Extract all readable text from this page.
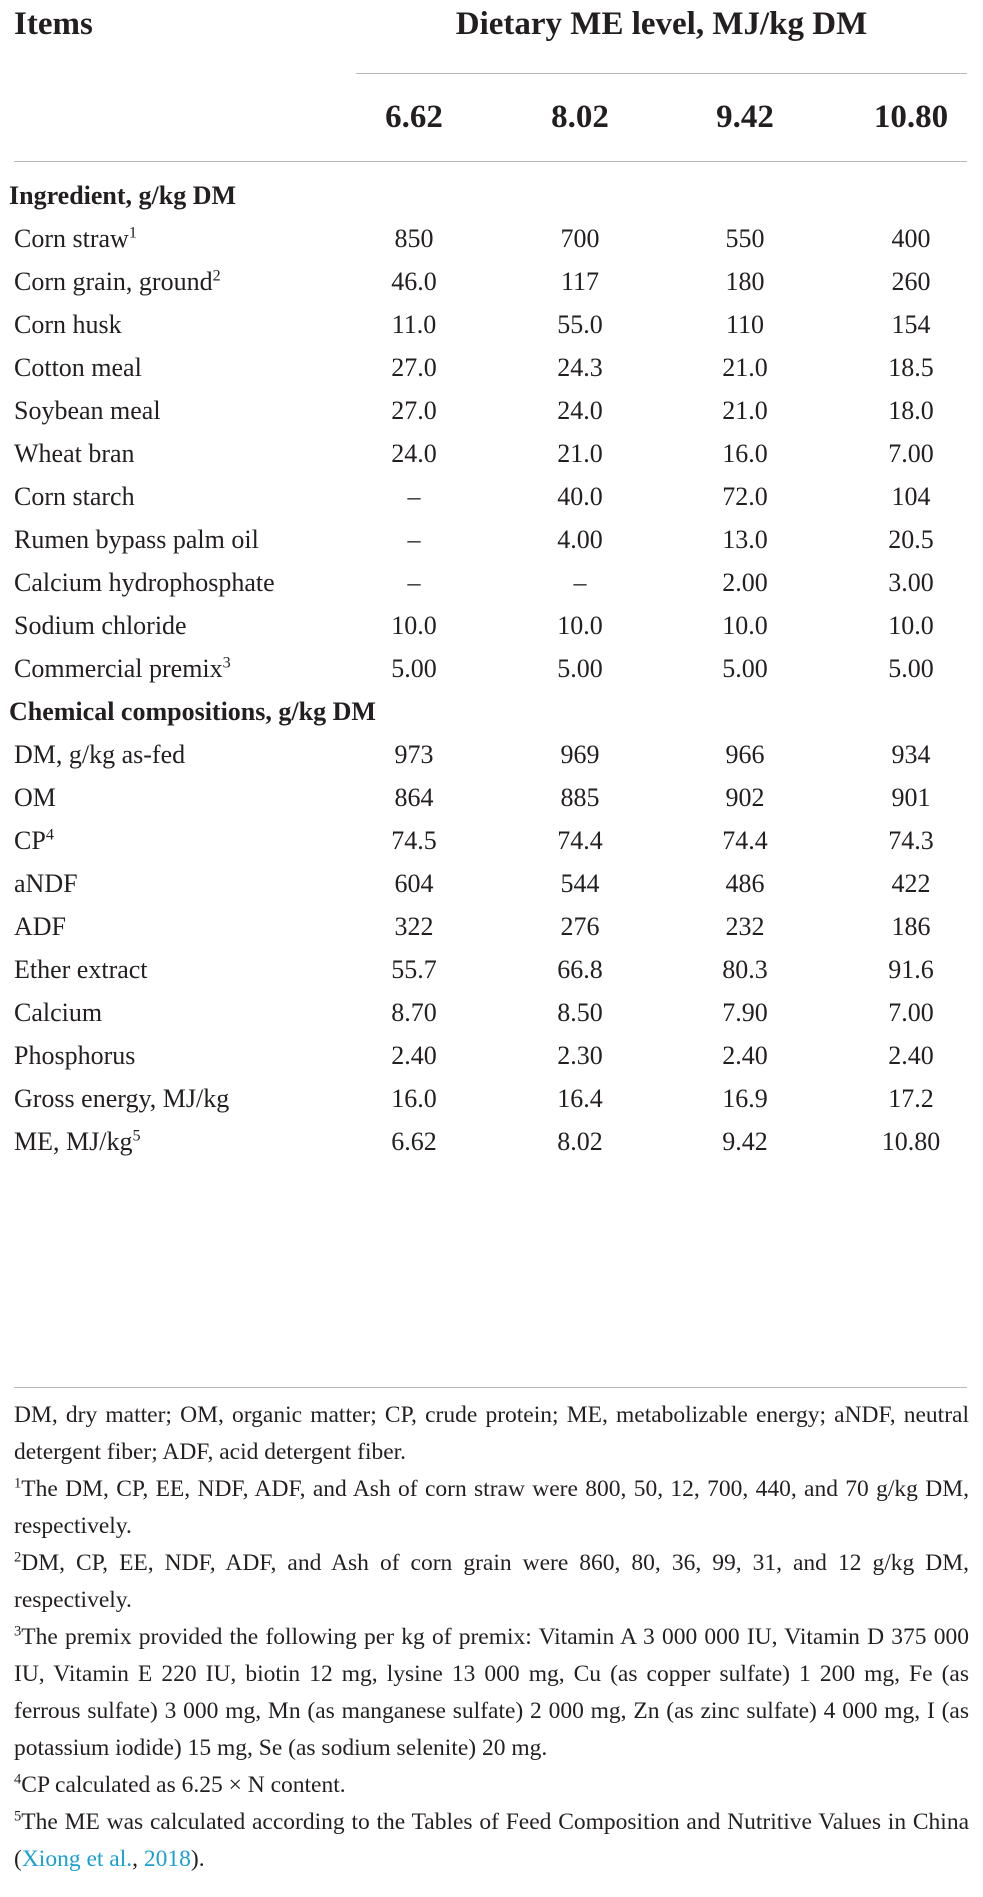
Items	Dietary ME level, MJ/kg DM
6.62	8.02	9.42	10.80
Ingredient, g/kg DM
Corn straw$^1$	850	700	550	400
Corn grain, ground$^2$	46.0	117	180	260
Corn husk	11.0	55.0	110	154
Cotton meal	27.0	24.3	21.0	18.5
Soybean meal	27.0	24.0	21.0	18.0
Wheat bran	24.0	21.0	16.0	7.00
Corn starch	–	40.0	72.0	104
Rumen bypass palm oil	–	4.00	13.0	20.5
Calcium hydrophosphate	–	–	2.00	3.00
Sodium chloride	10.0	10.0	10.0	10.0
Commercial premix$^3$	5.00	5.00	5.00	5.00
Chemical compositions, g/kg DM
DM, g/kg as-fed	973	969	966	934
OM	864	885	902	901
$CP^4$	74.5	74.4	74.4	74.3
aNDF	604	544	486	422
ADF	322	276	232	186
Ether extract	55.7	66.8	80.3	91.6
Calcium	8.70	8.50	7.90	7.00
Phosphorus	2.40	2.30	2.40	2.40
Gross energy, MJ/kg	16.0	16.4	16.9	17.2
ME, $MJ/kg^5$	6.62	8.02	9.42	10.80

DM, dry matter; OM, organic matter; CP, crude protein; ME, metabolizable energy; aNDF, neutral detergent fiber; ADF, acid detergent fiber.

$^1$The DM, CP, EE, NDF, ADF, and Ash of corn straw were 800, 50, 12, 700, 440, and 70 g/kg DM, respectively.

$^2$DM, CP, EE, NDF, ADF, and Ash of corn grain were 860, 80, 36, 99, 31, and 12 g/kg DM, respectively.

$^3$The premix provided the following per kg of premix: Vitamin A 3 000 000 IU, Vitamin D 375 000 IU, Vitamin E 220 IU, biotin 12 mg, lysine 13 000 mg, Cu (as copper sulfate) 1 200 mg, Fe (as ferrous sulfate) 3 000 mg, Mn (as manganese sulfate) 2 000 mg, Zn (as zinc sulfate) 4 000 mg, I (as potassium iodide) 15 mg, Se (as sodium selenite) 20 mg.

$^4$CP calculated as 6.25 × N content.

$^5$The ME was calculated according to the Tables of Feed Composition and Nutritive Values in China (Xiong et al., 2018).
